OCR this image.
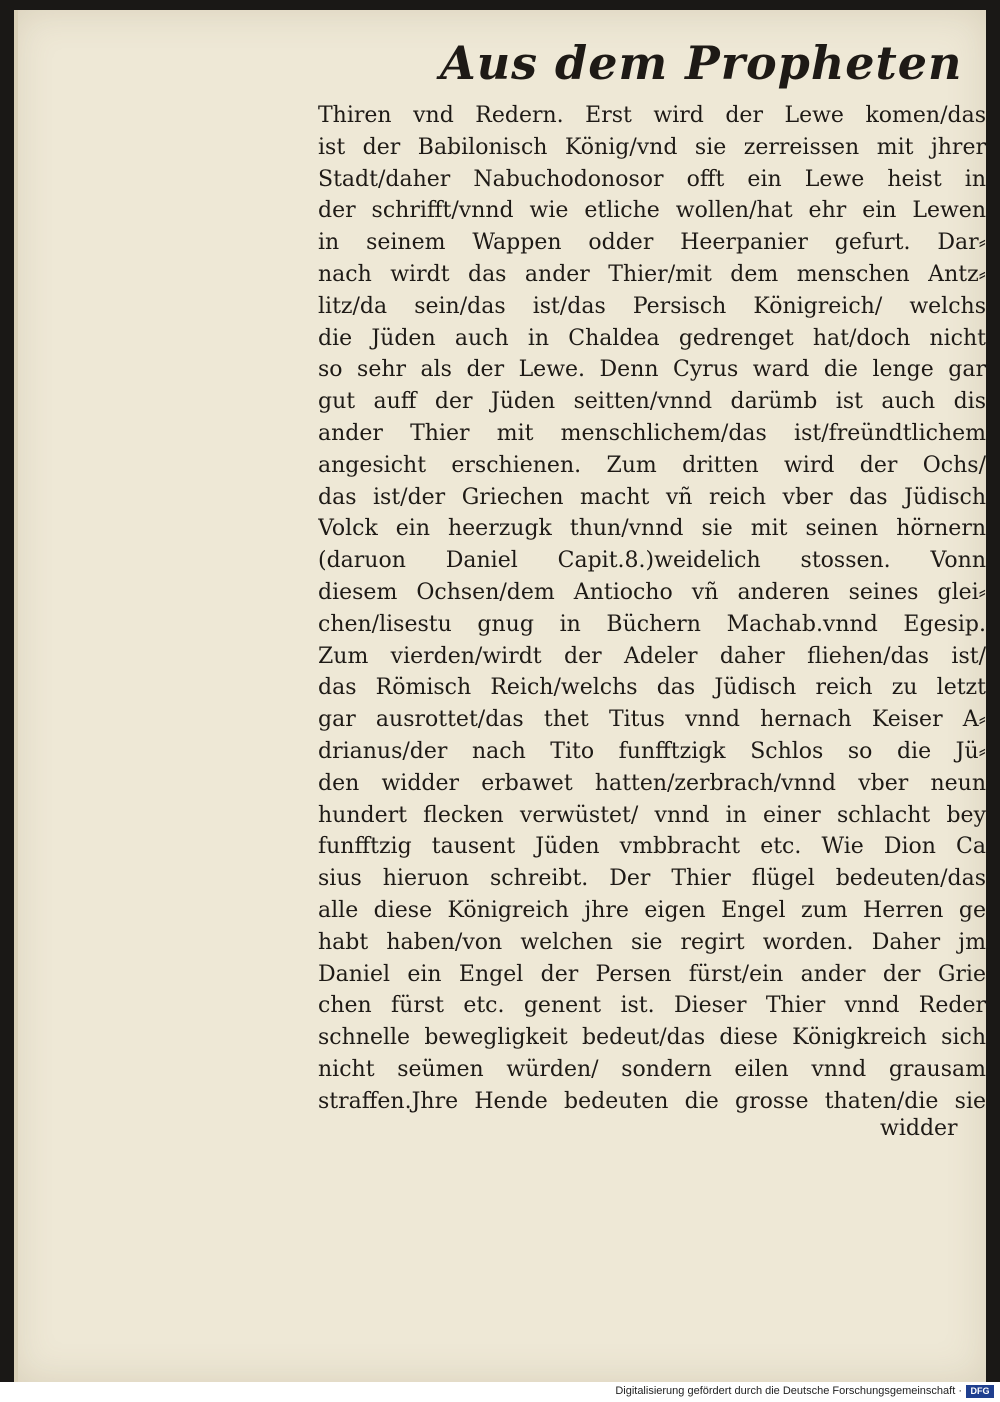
Aus dem Propheten
Thiren vnd Redern. Erst wird der Lewe komen/das
ist der Babilonisch König/vnd sie zerreissen mit jhrer
Stadt/daher Nabuchodonosor offt ein Lewe heist in
der schrifft/vnnd wie etliche wollen/hat ehr ein Lewen
in seinem Wappen odder Heerpanier gefurt. Dar⸗
nach wirdt das ander Thier/mit dem menschen Antz⸗
litz/da sein/das ist/das Persisch Königreich/ welchs
die Jüden auch in Chaldea gedrenget hat/doch nicht
so sehr als der Lewe. Denn Cyrus ward die lenge gar
gut auff der Jüden seitten/vnnd darümb ist auch dis
ander Thier mit menschlichem/das ist/freündtlichem
angesicht erschienen. Zum dritten wird der Ochs/
das ist/der Griechen macht vñ reich vber das Jüdisch
Volck ein heerzugk thun/vnnd sie mit seinen hörnern
(daruon Daniel Capit.8.)weidelich stossen. Vonn
diesem Ochsen/dem Antiocho vñ anderen seines glei⸗
chen/lisestu gnug in Büchern Machab.vnnd Egesip.
Zum vierden/wirdt der Adeler daher fliehen/das ist/
das Römisch Reich/welchs das Jüdisch reich zu letzt
gar ausrottet/das thet Titus vnnd hernach Keiser A⸗
drianus/der nach Tito funfftzigk Schlos so die Jü⸗
den widder erbawet hatten/zerbrach/vnnd vber neun
hundert flecken verwüstet/ vnnd in einer schlacht bey
funfftzig tausent Jüden vmbbracht etc. Wie Dion Ca
sius hieruon schreibt. Der Thier flügel bedeuten/das
alle diese Königreich jhre eigen Engel zum Herren ge
habt haben/von welchen sie regirt worden. Daher jm
Daniel ein Engel der Persen fürst/ein ander der Grie
chen fürst etc. genent ist. Dieser Thier vnnd Reder
schnelle bewegligkeit bedeut/das diese Königkreich sich
nicht seümen würden/ sondern eilen vnnd grausam
straffen.Jhre Hende bedeuten die grosse thaten/die sie
widder
Digitalisierung gefördert durch die Deutsche Forschungsgemeinschaft · DFG
